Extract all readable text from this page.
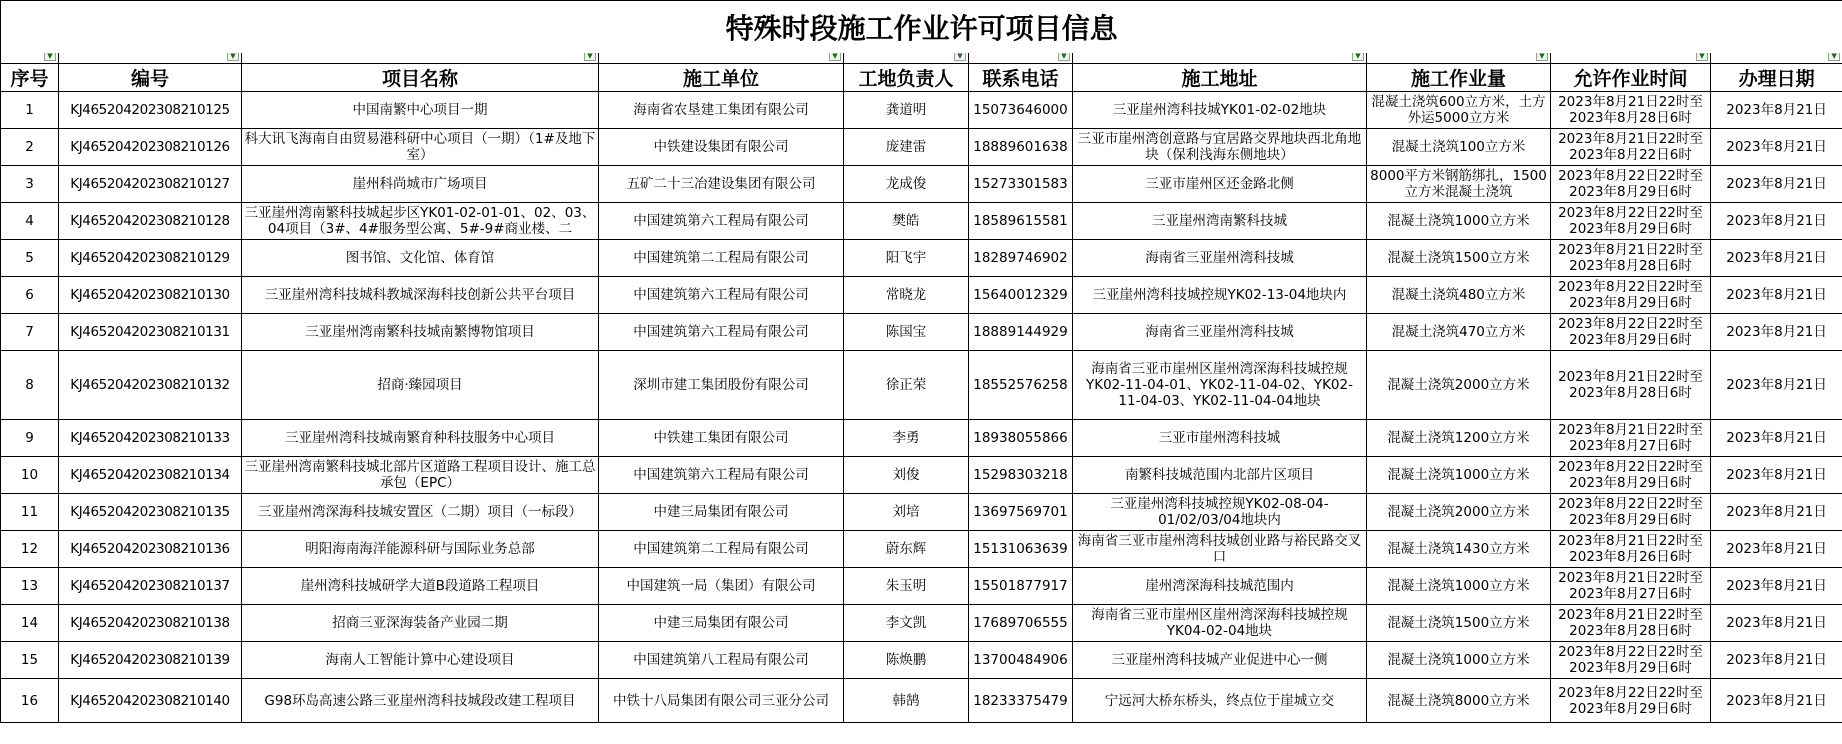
特殊时段施工作业许可项目信息									

▼	▼	▼	▼	▼	▼	▼	▼	▼	▼

序号	编号	项目名称	施工单位	工地负责人	联系电话	施工地址	施工作业量	允许作业时间	办理日期

1	KJ465204202308210125	中国南繁中心项目一期	海南省农垦建工集团有限公司	龚道明	15073646000	三亚崖州湾科技城YK01-02-02地块	混凝土浇筑600立方米，土方外运5000立方米	2023年8月21日22时至2023年8月28日6时	2023年8月21日

2	KJ465204202308210126	科大讯飞海南自由贸易港科研中心项目（一期）（1#及地下室）	中铁建设集团有限公司	庞建雷	18889601638	三亚市崖州湾创意路与宜居路交界地块西北角地块（保利浅海东侧地块）	混凝土浇筑100立方米	2023年8月21日22时至2023年8月22日6时	2023年8月21日

3	KJ465204202308210127	崖州科尚城市广场项目	五矿二十三冶建设集团有限公司	龙成俊	15273301583	三亚市崖州区还金路北侧	8000平方米钢筋绑扎，1500立方米混凝土浇筑	2023年8月22日22时至2023年8月29日6时	2023年8月21日

4	KJ465204202308210128	三亚崖州湾南繁科技城起步区YK01-02-01-01、02、03、04项目（3#、4#服务型公寓、5#-9#商业楼、二	中国建筑第六工程局有限公司	樊皓	18589615581	三亚崖州湾南繁科技城	混凝土浇筑1000立方米	2023年8月22日22时至2023年8月29日6时	2023年8月21日

5	KJ465204202308210129	图书馆、文化馆、体育馆	中国建筑第二工程局有限公司	阳飞宇	18289746902	海南省三亚崖州湾科技城	混凝土浇筑1500立方米	2023年8月21日22时至2023年8月28日6时	2023年8月21日

6	KJ465204202308210130	三亚崖州湾科技城科教城深海科技创新公共平台项目	中国建筑第六工程局有限公司	常晓龙	15640012329	三亚崖州湾科技城控规YK02-13-04地块内	混凝土浇筑480立方米	2023年8月22日22时至2023年8月29日6时	2023年8月21日

7	KJ465204202308210131	三亚崖州湾南繁科技城南繁博物馆项目	中国建筑第六工程局有限公司	陈国宝	18889144929	海南省三亚崖州湾科技城	混凝土浇筑470立方米	2023年8月22日22时至2023年8月29日6时	2023年8月21日

8	KJ465204202308210132	招商·臻园项目	深圳市建工集团股份有限公司	徐正荣	18552576258	海南省三亚市崖州区崖州湾深海科技城控规YK02-11-04-01、YK02-11-04-02、YK02-11-04-03、YK02-11-04-04地块	混凝土浇筑2000立方米	2023年8月21日22时至2023年8月28日6时	2023年8月21日

9	KJ465204202308210133	三亚崖州湾科技城南繁育种科技服务中心项目	中铁建工集团有限公司	李勇	18938055866	三亚市崖州湾科技城	混凝土浇筑1200立方米	2023年8月21日22时至2023年8月27日6时	2023年8月21日

10	KJ465204202308210134	三亚崖州湾南繁科技城北部片区道路工程项目设计、施工总承包（EPC）	中国建筑第六工程局有限公司	刘俊	15298303218	南繁科技城范围内北部片区项目	混凝土浇筑1000立方米	2023年8月22日22时至2023年8月29日6时	2023年8月21日

11	KJ465204202308210135	三亚崖州湾深海科技城安置区（二期）项目（一标段）	中建三局集团有限公司	刘培	13697569701	三亚崖州湾科技城控规YK02-08-04-01/02/03/04地块内	混凝土浇筑2000立方米	2023年8月22日22时至2023年8月29日6时	2023年8月21日

12	KJ465204202308210136	明阳海南海洋能源科研与国际业务总部	中国建筑第二工程局有限公司	蔚东辉	15131063639	海南省三亚市崖州湾科技城创业路与裕民路交叉口	混凝土浇筑1430立方米	2023年8月21日22时至2023年8月26日6时	2023年8月21日

13	KJ465204202308210137	崖州湾科技城研学大道B段道路工程项目	中国建筑一局（集团）有限公司	朱玉明	15501877917	崖州湾深海科技城范围内	混凝土浇筑1000立方米	2023年8月21日22时至2023年8月27日6时	2023年8月21日

14	KJ465204202308210138	招商三亚深海装备产业园二期	中建三局集团有限公司	李文凯	17689706555	海南省三亚市崖州区崖州湾深海科技城控规YK04-02-04地块	混凝土浇筑1500立方米	2023年8月21日22时至2023年8月28日6时	2023年8月21日

15	KJ465204202308210139	海南人工智能计算中心建设项目	中国建筑第八工程局有限公司	陈焕鹏	13700484906	三亚崖州湾科技城产业促进中心一侧	混凝土浇筑1000立方米	2023年8月22日22时至2023年8月29日6时	2023年8月21日

16	KJ465204202308210140	G98环岛高速公路三亚崖州湾科技城段改建工程项目	中铁十八局集团有限公司三亚分公司	韩鹄	18233375479	宁远河大桥东桥头，终点位于崖城立交	混凝土浇筑8000立方米	2023年8月22日22时至2023年8月29日6时	2023年8月21日
